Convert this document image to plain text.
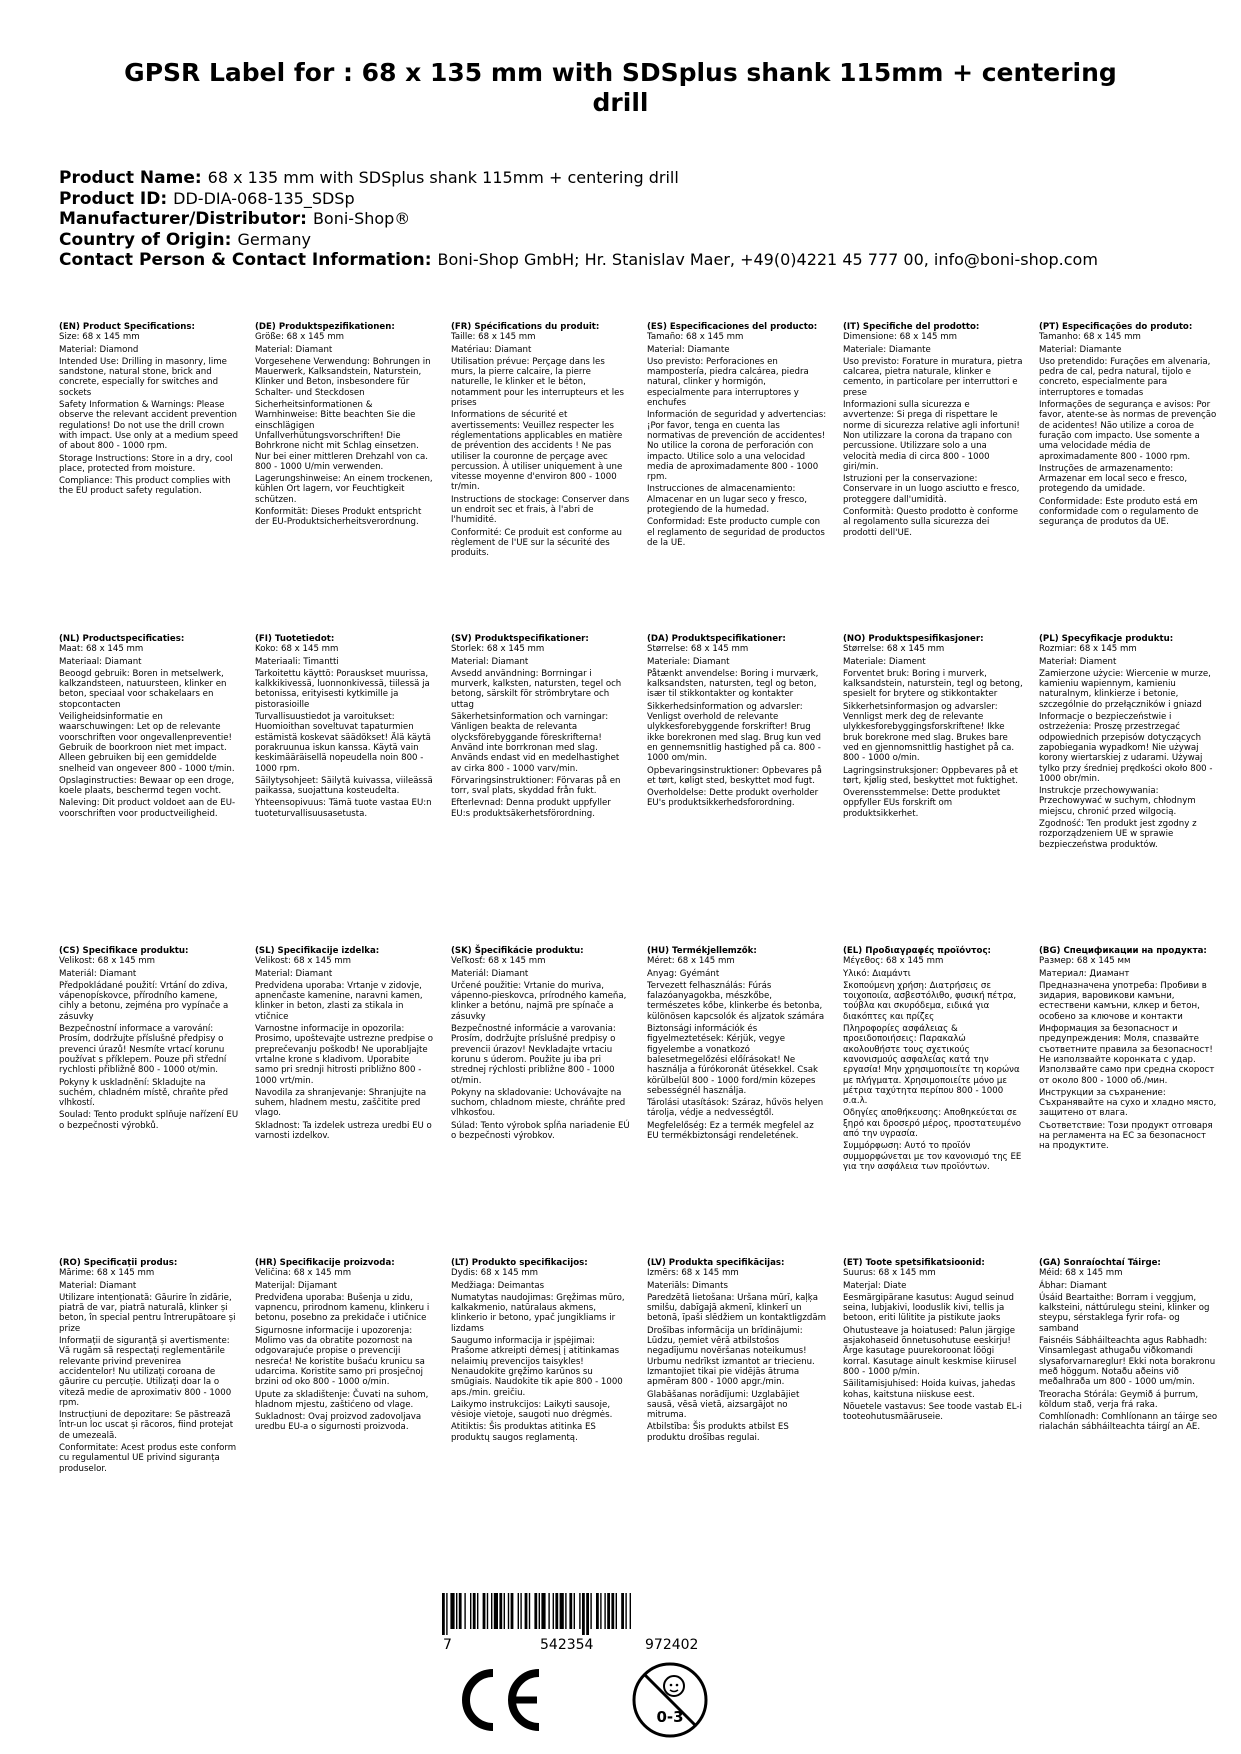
GPSR Label for : 68 x 135 mm with SDSplus shank 115mm + centering drill
Product Name: 68 x 135 mm with SDSplus shank 115mm + centering drill
Product ID: DD-DIA-068-135_SDSp
Manufacturer/Distributor: Boni-Shop®
Country of Origin: Germany
Contact Person & Contact Information: Boni-Shop GmbH; Hr. Stanislav Maer, +49(0)4221 45 777 00, info@boni-shop.com

(EN) Product Specifications:

Size: 68 x 145 mm

Material: Diamond

Intended Use: Drilling in masonry, lime sandstone, natural stone, brick and concrete, especially for switches and sockets

Safety Information & Warnings: Please observe the relevant accident prevention regulations! Do not use the drill crown with impact. Use only at a medium speed of about 800 - 1000 rpm.

Storage Instructions: Store in a dry, cool place, protected from moisture.

Compliance: This product complies with the EU product safety regulation.

(DE) Produktspezifikationen:

Größe: 68 x 145 mm

Material: Diamant

Vorgesehene Verwendung: Bohrungen in Mauerwerk, Kalksandstein, Naturstein, Klinker und Beton, insbesondere für Schalter- und Steckdosen

Sicherheitsinformationen & Warnhinweise: Bitte beachten Sie die einschlägigen Unfallverhütungsvorschriften! Die Bohrkrone nicht mit Schlag einsetzen. Nur bei einer mittleren Drehzahl von ca. 800 - 1000 U/min verwenden.

Lagerungshinweise: An einem trockenen, kühlen Ort lagern, vor Feuchtigkeit schützen.

Konformität: Dieses Produkt entspricht der EU-Produktsicherheitsverordnung.

(FR) Spécifications du produit:

Taille: 68 x 145 mm

Matériau: Diamant

Utilisation prévue: Perçage dans les murs, la pierre calcaire, la pierre naturelle, le klinker et le béton, notamment pour les interrupteurs et les prises

Informations de sécurité et avertissements: Veuillez respecter les réglementations applicables en matière de prévention des accidents ! Ne pas utiliser la couronne de perçage avec percussion. À utiliser uniquement à une vitesse moyenne d'environ 800 - 1000 tr/min.

Instructions de stockage: Conserver dans un endroit sec et frais, à l'abri de l'humidité.

Conformité: Ce produit est conforme au règlement de l'UE sur la sécurité des produits.

(ES) Especificaciones del producto:

Tamaño: 68 x 145 mm

Material: Diamante

Uso previsto: Perforaciones en mampostería, piedra calcárea, piedra natural, clinker y hormigón, especialmente para interruptores y enchufes

Información de seguridad y advertencias: ¡Por favor, tenga en cuenta las normativas de prevención de accidentes! No utilice la corona de perforación con impacto. Utilice solo a una velocidad media de aproximadamente 800 - 1000 rpm.

Instrucciones de almacenamiento: Almacenar en un lugar seco y fresco, protegiendo de la humedad.

Conformidad: Este producto cumple con el reglamento de seguridad de productos de la UE.

(IT) Specifiche del prodotto:

Dimensione: 68 x 145 mm

Materiale: Diamante

Uso previsto: Forature in muratura, pietra calcarea, pietra naturale, klinker e cemento, in particolare per interruttori e prese

Informazioni sulla sicurezza e avvertenze: Si prega di rispettare le norme di sicurezza relative agli infortuni! Non utilizzare la corona da trapano con percussione. Utilizzare solo a una velocità media di circa 800 - 1000 giri/min.

Istruzioni per la conservazione: Conservare in un luogo asciutto e fresco, proteggere dall'umidità.

Conformità: Questo prodotto è conforme al regolamento sulla sicurezza dei prodotti dell'UE.

(PT) Especificações do produto:

Tamanho: 68 x 145 mm

Material: Diamante

Uso pretendido: Furações em alvenaria, pedra de cal, pedra natural, tijolo e concreto, especialmente para interruptores e tomadas

Informações de segurança e avisos: Por favor, atente-se às normas de prevenção de acidentes! Não utilize a coroa de furação com impacto. Use somente a uma velocidade média de aproximadamente 800 - 1000 rpm.

Instruções de armazenamento: Armazenar em local seco e fresco, protegendo da umidade.

Conformidade: Este produto está em conformidade com o regulamento de segurança de produtos da UE.

(NL) Productspecificaties:

Maat: 68 x 145 mm

Materiaal: Diamant

Beoogd gebruik: Boren in metselwerk, kalkzandsteen, natuursteen, klinker en beton, speciaal voor schakelaars en stopcontacten

Veiligheidsinformatie en waarschuwingen: Let op de relevante voorschriften voor ongevallenpreventie! Gebruik de boorkroon niet met impact. Alleen gebruiken bij een gemiddelde snelheid van ongeveer 800 - 1000 t/min.

Opslaginstructies: Bewaar op een droge, koele plaats, beschermd tegen vocht.

Naleving: Dit product voldoet aan de EU-voorschriften voor productveiligheid.

(FI) Tuotetiedot:

Koko: 68 x 145 mm

Materiaali: Timantti

Tarkoitettu käyttö: Porauskset muurissa, kalkkikivessä, luonnonkivessä, tiilessä ja betonissa, erityisesti kytkimille ja pistorasioille

Turvallisuustiedot ja varoitukset: Huomioithan soveltuvat tapaturmien estämistä koskevat säädökset! Älä käytä porakruunua iskun kanssa. Käytä vain keskimääräisellä nopeudella noin 800 - 1000 rpm.

Säilytysohjeet: Säilytä kuivassa, viileässä paikassa, suojattuna kosteudelta.

Yhteensopivuus: Tämä tuote vastaa EU:n tuoteturvallisuusasetusta.

(SV) Produktspecifikationer:

Storlek: 68 x 145 mm

Material: Diamant

Avsedd användning: Borrningar i murverk, kalksten, natursten, tegel och betong, särskilt för strömbrytare och uttag

Säkerhetsinformation och varningar: Vänligen beakta de relevanta olycksförebyggande föreskrifterna! Använd inte borrkronan med slag. Används endast vid en medelhastighet av cirka 800 - 1000 varv/min.

Förvaringsinstruktioner: Förvaras på en torr, sval plats, skyddad från fukt.

Efterlevnad: Denna produkt uppfyller EU:s produktsäkerhetsförordning.

(DA) Produktspecifikationer:

Størrelse: 68 x 145 mm

Materiale: Diamant

Påtænkt anvendelse: Boring i murværk, kalksandsten, natursten, tegl og beton, især til stikkontakter og kontakter

Sikkerhedsinformation og advarsler: Venligst overhold de relevante ulykkesforebyggende forskrifter! Brug ikke borekronen med slag. Brug kun ved en gennemsnitlig hastighed på ca. 800 - 1000 om/min.

Opbevaringsinstruktioner: Opbevares på et tørt, køligt sted, beskyttet mod fugt.

Overholdelse: Dette produkt overholder EU's produktsikkerhedsforordning.

(NO) Produktspesifikasjoner:

Størrelse: 68 x 145 mm

Materiale: Diament

Forventet bruk: Boring i murverk, kalksandstein, naturstein, tegl og betong, spesielt for brytere og stikkontakter

Sikkerhetsinformasjon og advarsler: Vennligst merk deg de relevante ulykkesforebyggingsforskriftene! Ikke bruk borekrone med slag. Brukes bare ved en gjennomsnittlig hastighet på ca. 800 - 1000 o/min.

Lagringsinstruksjoner: Oppbevares på et tørt, kjølig sted, beskyttet mot fuktighet.

Overensstemmelse: Dette produktet oppfyller EUs forskrift om produktsikkerhet.

(PL) Specyfikacje produktu:

Rozmiar: 68 x 145 mm

Materiał: Diament

Zamierzone użycie: Wiercenie w murze, kamieniu wapiennym, kamieniu naturalnym, klinkierze i betonie, szczególnie do przełączników i gniazd

Informacje o bezpieczeństwie i ostrzeżenia: Proszę przestrzegać odpowiednich przepisów dotyczących zapobiegania wypadkom! Nie używaj korony wiertarskiej z udarami. Używaj tylko przy średniej prędkości około 800 - 1000 obr/min.

Instrukcje przechowywania: Przechowywać w suchym, chłodnym miejscu, chronić przed wilgocią.

Zgodność: Ten produkt jest zgodny z rozporządzeniem UE w sprawie bezpieczeństwa produktów.

(CS) Specifikace produktu:

Velikost: 68 x 145 mm

Materiál: Diamant

Předpokládané použití: Vrtání do zdiva, vápenopískovce, přírodního kamene, cihly a betonu, zejména pro vypínače a zásuvky

Bezpečnostní informace a varování: Prosím, dodržujte příslušné předpisy o prevenci úrazů! Nesmíte vrtací korunu používat s příklepem. Pouze při střední rychlosti přibližně 800 - 1000 ot/min.

Pokyny k uskladnění: Skladujte na suchém, chladném místě, chraňte před vlhkostí.

Soulad: Tento produkt splňuje nařízení EU o bezpečnosti výrobků.

(SL) Specifikacije izdelka:

Velikost: 68 x 145 mm

Material: Diamant

Predvidena uporaba: Vrtanje v zidovje, apnenčaste kamenine, naravni kamen, klinker in beton, zlasti za stikala in vtičnice

Varnostne informacije in opozorila: Prosimo, upoštevajte ustrezne predpise o preprečevanju poškodb! Ne uporabljajte vrtalne krone s kladivom. Uporabite samo pri srednji hitrosti približno 800 - 1000 vrt/min.

Navodila za shranjevanje: Shranjujte na suhem, hladnem mestu, zaščitite pred vlago.

Skladnost: Ta izdelek ustreza uredbi EU o varnosti izdelkov.

(SK) Špecifikácie produktu:

Veľkosť: 68 x 145 mm

Materiál: Diamant

Určené použitie: Vrtanie do muriva, vápenno-pieskovca, prírodného kameňa, klinker a betónu, najmä pre spínače a zásuvky

Bezpečnostné informácie a varovania: Prosím, dodržujte príslušné predpisy o prevencii úrazov! Nevkladajte vrtaciu korunu s úderom. Použite ju iba pri strednej rýchlosti približne 800 - 1000 ot/min.

Pokyny na skladovanie: Uchovávajte na suchom, chladnom mieste, chráňte pred vlhkosťou.

Súlad: Tento výrobok spĺňa nariadenie EÚ o bezpečnosti výrobkov.

(HU) Termékjellemzők:

Méret: 68 x 145 mm

Anyag: Gyémánt

Tervezett felhasználás: Fúrás falazóanyagokba, mészkőbe, természetes kőbe, klinkerbe és betonba, különösen kapcsolók és aljzatok számára

Biztonsági információk és figyelmeztetések: Kérjük, vegye figyelembe a vonatkozó balesetmegelőzési előírásokat! Ne használja a fúrókoronát ütésekkel. Csak körülbelül 800 - 1000 ford/min közepes sebességnél használja.

Tárolási utasítások: Száraz, hűvös helyen tárolja, védje a nedvességtől.

Megfelelőség: Ez a termék megfelel az EU termékbiztonsági rendeletének.

(EL) Προδιαγραφές προϊόντος:

Μέγεθος: 68 x 145 mm

Υλικό: Διαμάντι

Σκοπούμενη χρήση: Διατρήσεις σε τοιχοποιία, ασβεστόλιθο, φυσική πέτρα, τούβλα και σκυρόδεμα, ειδικά για διακόπτες και πρίζες

Πληροφορίες ασφάλειας & προειδοποιήσεις: Παρακαλώ ακολουθήστε τους σχετικούς κανονισμούς ασφαλείας κατά την εργασία! Μην χρησιμοποιείτε τη κορώνα με πλήγματα. Χρησιμοποιείτε μόνο με μέτρια ταχύτητα περίπου 800 - 1000 σ.α.λ.

Οδηγίες αποθήκευσης: Αποθηκεύεται σε ξηρό και δροσερό μέρος, προστατευμένο από την υγρασία.

Συμμόρφωση: Αυτό το προϊόν συμμορφώνεται με τον κανονισμό της ΕΕ για την ασφάλεια των προϊόντων.

(BG) Спецификации на продукта:

Размер: 68 x 145 мм

Материал: Диамант

Предназначена употреба: Пробиви в зидария, варовикови камъни, естествени камъни, клкер и бетон, особено за ключове и контакти

Информация за безопасност и предупреждения: Моля, спазвайте съответните правила за безопасност! Не използвайте коронката с удар. Използвайте само при средна скорост от около 800 - 1000 об./мин.

Инструкции за съхранение: Съхранявайте на сухо и хладно място, защитено от влага.

Съответствие: Този продукт отговаря на регламента на ЕС за безопасност на продуктите.

(RO) Specificații produs:

Mărime: 68 x 145 mm

Material: Diamant

Utilizare intenționată: Găurire în zidărie, piatră de var, piatră naturală, klinker și beton, în special pentru întrerupătoare și prize

Informații de siguranță și avertismente: Vă rugăm să respectați reglementările relevante privind prevenirea accidentelor! Nu utilizați coroana de găurire cu percuție. Utilizați doar la o viteză medie de aproximativ 800 - 1000 rpm.

Instrucțiuni de depozitare: Se păstrează într-un loc uscat și răcoros, fiind protejat de umezeală.

Conformitate: Acest produs este conform cu regulamentul UE privind siguranța produselor.

(HR) Specifikacije proizvoda:

Veličina: 68 x 145 mm

Materijal: Dijamant

Predviđena uporaba: Bušenja u zidu, vapnencu, prirodnom kamenu, klinkeru i betonu, posebno za prekidače i utičnice

Sigurnosne informacije i upozorenja: Molimo vas da obratite pozornost na odgovarajuće propise o prevenciji nesreća! Ne koristite bušaću krunicu sa udarcima. Koristite samo pri prosječnoj brzini od oko 800 - 1000 o/min.

Upute za skladištenje: Čuvati na suhom, hladnom mjestu, zaštićeno od vlage.

Sukladnost: Ovaj proizvod zadovoljava uredbu EU-a o sigurnosti proizvoda.

(LT) Produkto specifikacijos:

Dydis: 68 x 145 mm

Medžiaga: Deimantas

Numatytas naudojimas: Gręžimas mūro, kalkakmenio, natūralaus akmens, klinkerio ir betono, ypač jungikliams ir lizdams

Saugumo informacija ir įspėjimai: Prašome atkreipti dėmesį į atitinkamas nelaimių prevencijos taisykles! Nenaudokite gręžimo karūnos su smūgiais. Naudokite tik apie 800 - 1000 aps./min. greičiu.

Laikymo instrukcijos: Laikyti sausoje, vėsioje vietoje, saugoti nuo drėgmės.

Atitiktis: Šis produktas atitinka ES produktų saugos reglamentą.

(LV) Produkta specifikācijas:

Izmērs: 68 x 145 mm

Materiāls: Dimants

Paredzētā lietošana: Uršana mūrī, kaļķa smilšu, dabīgajā akmenī, klinkerī un betonā, īpaši slēdžiem un kontaktligzdām

Drošības informācija un brīdinājumi: Lūdzu, ņemiet vērā atbilstošos negadījumu novēršanas noteikumus! Urbumu nedrīkst izmantot ar triecienu. Izmantojiet tikai pie vidējās ātruma apmēram 800 - 1000 apgr./min.

Glabāšanas norādījumi: Uzglabājiet sausā, vēsā vietā, aizsargājot no mitruma.

Atbilstība: Šis produkts atbilst ES produktu drošības regulai.

(ET) Toote spetsifikatsioonid:

Suurus: 68 x 145 mm

Materjal: Diate

Eesmärgipärane kasutus: Augud seinud seina, lubjakivi, looduslik kivi, tellis ja betoon, eriti lülitite ja pistikute jaoks

Ohutusteave ja hoiatused: Palun järgige asjakohaseid õnnetusohutuse eeskirju! Ärge kasutage puurekoroonat löögi korral. Kasutage ainult keskmise kiirusel 800 - 1000 p/min.

Säilitamisjuhised: Hoida kuivas, jahedas kohas, kaitstuna niiskuse eest.

Nõuetele vastavus: See toode vastab EL-i tooteohutusmääruseie.

(GA) Sonraíochtaí Táirge:

Méid: 68 x 145 mm

Ábhar: Diamant

Úsáid Beartaithe: Borram i veggjum, kalksteini, náttúrulegu steini, klinker og steypu, sérstaklega fyrir rofa- og samband

Faisnéis Sábháilteachta agus Rabhadh: Vinsamlegast athugaðu viðkomandi slysaforvarnareglur! Ekki nota borakronu með höggum. Notaðu aðeins við meðalhraða um 800 - 1000 um/min.

Treoracha Stórála: Geymið á þurrum, köldum stað, verja frá raka.

Comhlíonadh: Comhlíonann an táirge seo rialachán sábháilteachta táirgí an AE.

7	542354	972402
0-3
